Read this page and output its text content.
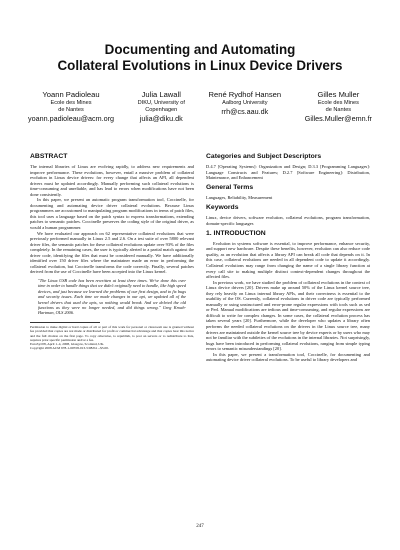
Documenting and Automating
Collateral Evolutions in Linux Device Drivers
Yoann Padioleau
Ecole des Mines
de Nantes
yoann.padioleau@acm.org
Julia Lawall
DIKU, University of
Copenhagen
julia@diku.dk
René Rydhof Hansen
Aalborg University
rrh@cs.aau.dk
Gilles Muller
Ecole des Mines
de Nantes
Gilles.Muller@emn.fr
ABSTRACT

The internal libraries of Linux are evolving rapidly, to address new requirements and improve performance. These evolutions, however, entail a massive problem of collateral evolution in Linux device drivers: for every change that affects an API, all dependent drivers must be updated accordingly. Manually performing such collateral evolutions is time-consuming and unreliable, and has lead to errors when modifications have not been done consistently.

In this paper, we present an automatic program transformation tool, Coccinelle, for documenting and automating device driver collateral evolutions. Because Linux programmers are accustomed to manipulating program modifications in terms of patch files, this tool uses a language based on the patch syntax to express transformations, extending patches to semantic patches. Coccinelle preserves the coding style of the original driver, as would a human programmer.

We have evaluated our approach on 62 representative collateral evolutions that were previously performed manually in Linux 2.5 and 2.6. On a test suite of over 5800 relevant driver files, the semantic patches for these collateral evolutions update over 93% of the files completely. In the remaining cases, the user is typically alerted to a partial match against the driver code, identifying the files that must be considered manually. We have additionally identified over 150 driver files where the maintainer made an error in performing the collateral evolution, but Coccinelle transforms the code correctly. Finally, several patches derived from the use of Coccinelle have been accepted into the Linux kernel.

"The Linux USB code has been rewritten at least three times. We've done this over time in order to handle things that we didn't originally need to handle, like high speed devices, and just because we learned the problems of our first design, and to fix bugs and security issues. Each time we made changes in our api, we updated all of the kernel drivers that used the apis, so nothing would break. And we deleted the old functions as they were no longer needed, and did things wrong." Greg Kroah-Hartman, OLS 2006.

Permission to make digital or hard copies of all or part of this work for personal or classroom use is granted without fee provided that copies are not made or distributed for profit or commercial advantage and that copies bear this notice and the full citation on the first page. To copy otherwise, to republish, to post on servers or to redistribute to lists, requires prior specific permission and/or a fee.

EuroSys'08, April 1–4, 2008, Glasgow, Scotland, UK.

Copyright 2008 ACM 978-1-60558-013-5/08/04 ...$5.00.

Categories and Subject Descriptors

D.4.7 [Operating Systems]: Organization and Design; D.3.3 [Programming Languages]: Language Constructs and Features; D.2.7 [Software Engineering]: Distribution, Maintenance, and Enhancement

General Terms

Languages, Reliability, Measurement

Keywords

Linux, device drivers, software evolution, collateral evolutions, program transformation, domain-specific languages

1. INTRODUCTION

Evolution in systems software is essential, to improve performance, enhance security, and support new hardware. Despite these benefits, however, evolution can also reduce code quality, as an evolution that affects a library API can break all code that depends on it. In this case, collateral evolutions are needed in all dependent code to update it accordingly. Collateral evolutions may range from changing the name of a single library function at every call site to making multiple distinct context-dependent changes throughout the affected files.

In previous work, we have studied the problem of collateral evolutions in the context of Linux device drivers [20]. Drivers make up around 50% of the Linux kernel source tree, they rely heavily on Linux internal library APIs, and their correctness is essential to the usability of the OS. Currently, collateral evolutions in driver code are typically performed manually or using unstructured and error-prone regular expressions with tools such as sed or Perl. Manual modifications are tedious and time-consuming, and regular expressions are difficult to write for complex changes. In some cases, the collateral evolution process has taken several years [20]. Furthermore, while the developer who updates a library often performs the needed collateral evolutions on the drivers in the Linux source tree, many drivers are maintained outside the kernel source tree by device experts or by users who may not be familiar with the subtleties of the evolutions in the internal libraries. Not surprisingly, bugs have been introduced in performing collateral evolutions, ranging from simple typing errors to semantic misunderstandings [20].

In this paper, we present a transformation tool, Coccinelle, for documenting and automating device driver collateral evolutions. To be useful to library developers and

247
